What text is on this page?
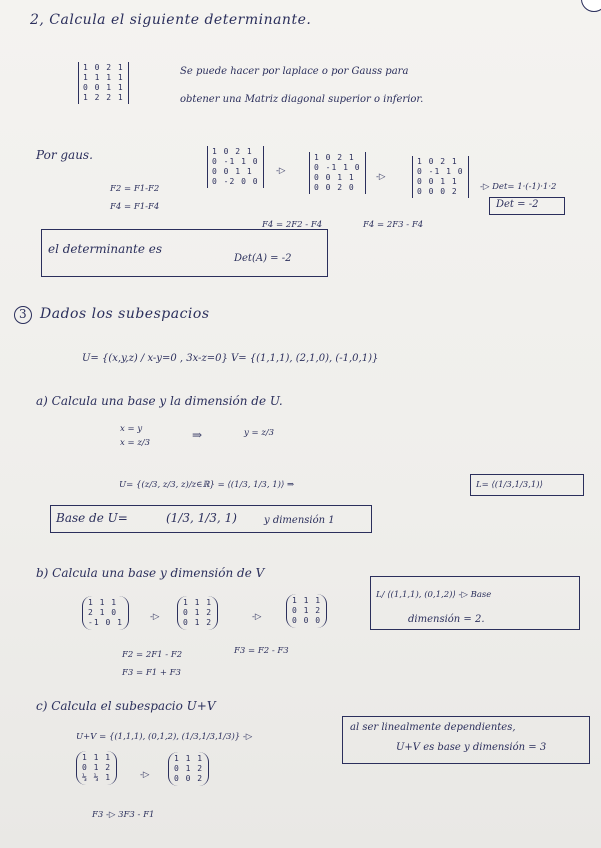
2, Calcula el siguiente determinante.
1 0 2 1
1 1 1 1
0 0 1 1
1 2 2 1
Se puede hacer por laplace o por Gauss para
obtener una Matriz diagonal superior o inferior.
Por gaus.
F2 = F1-F2
F4 = F1-F4
1 0 2 1
0 -1 1 0
0 0 1 1
0 -2 0 0
-▷
1 0 2 1
0 -1 1 0
0 0 1 1
0 0 2 0
-▷
1 0 2 1
0 -1 1 0
0 0 1 1
0 0 0 2	-▷ Det= 1·(-1)·1·2
Det = -2
F4 = 2F2 - F4	F4 = 2F3 - F4
el determinante es
Det(A) = -2
3 Dados los subespacios
U= {(x,y,z) / x-y=0 , 3x-z=0} V= {(1,1,1), (2,1,0), (-1,0,1)}
a) Calcula una base y la dimensión de U.
x = y
x = z/3
⇒	y = z/3
U= {(z/3, z/3, z)/z∈ℝ} = ⟨(1/3, 1/3, 1)⟩ ⇒	L= ⟨(1/3,1/3,1)⟩
Base de U=	(1/3, 1/3, 1)	y dimensión 1
b) Calcula una base y dimensión de V
1 1 1
2 1 0
-1 0 1
-▷
1 1 1
0 1 2
0 1 2
-▷
1 1 1
0 1 2
0 0 0
F2 = 2F1 - F2
F3 = F1 + F3
F3 = F2 - F3
L/ ⟨(1,1,1), (0,1,2)⟩ -▷ Base
dimensión = 2.
c) Calcula el subespacio U+V
U+V = {(1,1,1), (0,1,2), (1/3,1/3,1/3)} -▷
al ser linealmente dependientes,
U+V es base y dimensión = 3
1 1 1
0 1 2
⅓ ⅓ 1	-▷
1 1 1
0 1 2
0 0 2
F3 -▷ 3F3 - F1
